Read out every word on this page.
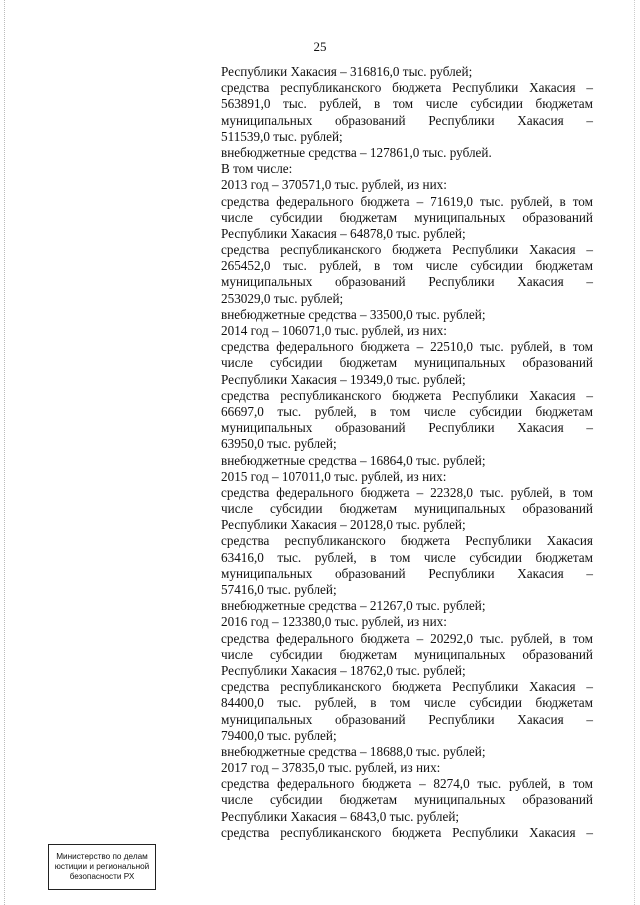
25
Республики Хакасия – 316816,0 тыс. рублей;
средства республиканского бюджета Республики Хакасия –
563891,0 тыс. рублей, в том числе субсидии бюджетам
муниципальных образований Республики Хакасия –
511539,0 тыс. рублей;
внебюджетные средства – 127861,0 тыс. рублей.
В том числе:
2013 год – 370571,0 тыс. рублей, из них:
средства федерального бюджета – 71619,0 тыс. рублей, в том
числе субсидии бюджетам муниципальных образований
Республики Хакасия – 64878,0 тыс. рублей;
средства республиканского бюджета Республики Хакасия –
265452,0 тыс. рублей, в том числе субсидии бюджетам
муниципальных образований Республики Хакасия –
253029,0 тыс. рублей;
внебюджетные средства – 33500,0 тыс. рублей;
2014 год – 106071,0 тыс. рублей, из них:
средства федерального бюджета – 22510,0 тыс. рублей, в том
числе субсидии бюджетам муниципальных образований
Республики Хакасия – 19349,0 тыс. рублей;
средства республиканского бюджета Республики Хакасия –
66697,0 тыс. рублей, в том числе субсидии бюджетам
муниципальных образований Республики Хакасия –
63950,0 тыс. рублей;
внебюджетные средства – 16864,0 тыс. рублей;
2015 год – 107011,0 тыс. рублей, из них:
средства федерального бюджета – 22328,0 тыс. рублей, в том
числе субсидии бюджетам муниципальных образований
Республики Хакасия – 20128,0 тыс. рублей;
средства республиканского бюджета Республики Хакасия
63416,0 тыс. рублей, в том числе субсидии бюджетам
муниципальных образований Республики Хакасия –
57416,0 тыс. рублей;
внебюджетные средства – 21267,0 тыс. рублей;
2016 год – 123380,0 тыс. рублей, из них:
средства федерального бюджета – 20292,0 тыс. рублей, в том
числе субсидии бюджетам муниципальных образований
Республики Хакасия – 18762,0 тыс. рублей;
средства республиканского бюджета Республики Хакасия –
84400,0 тыс. рублей, в том числе субсидии бюджетам
муниципальных образований Республики Хакасия –
79400,0 тыс. рублей;
внебюджетные средства – 18688,0 тыс. рублей;
2017 год – 37835,0 тыс. рублей, из них:
средства федерального бюджета – 8274,0 тыс. рублей, в том
числе субсидии бюджетам муниципальных образований
Республики Хакасия – 6843,0 тыс. рублей;
средства республиканского бюджета Республики Хакасия –
Министерство по делам
юстиции и региональной
безопасности РХ
